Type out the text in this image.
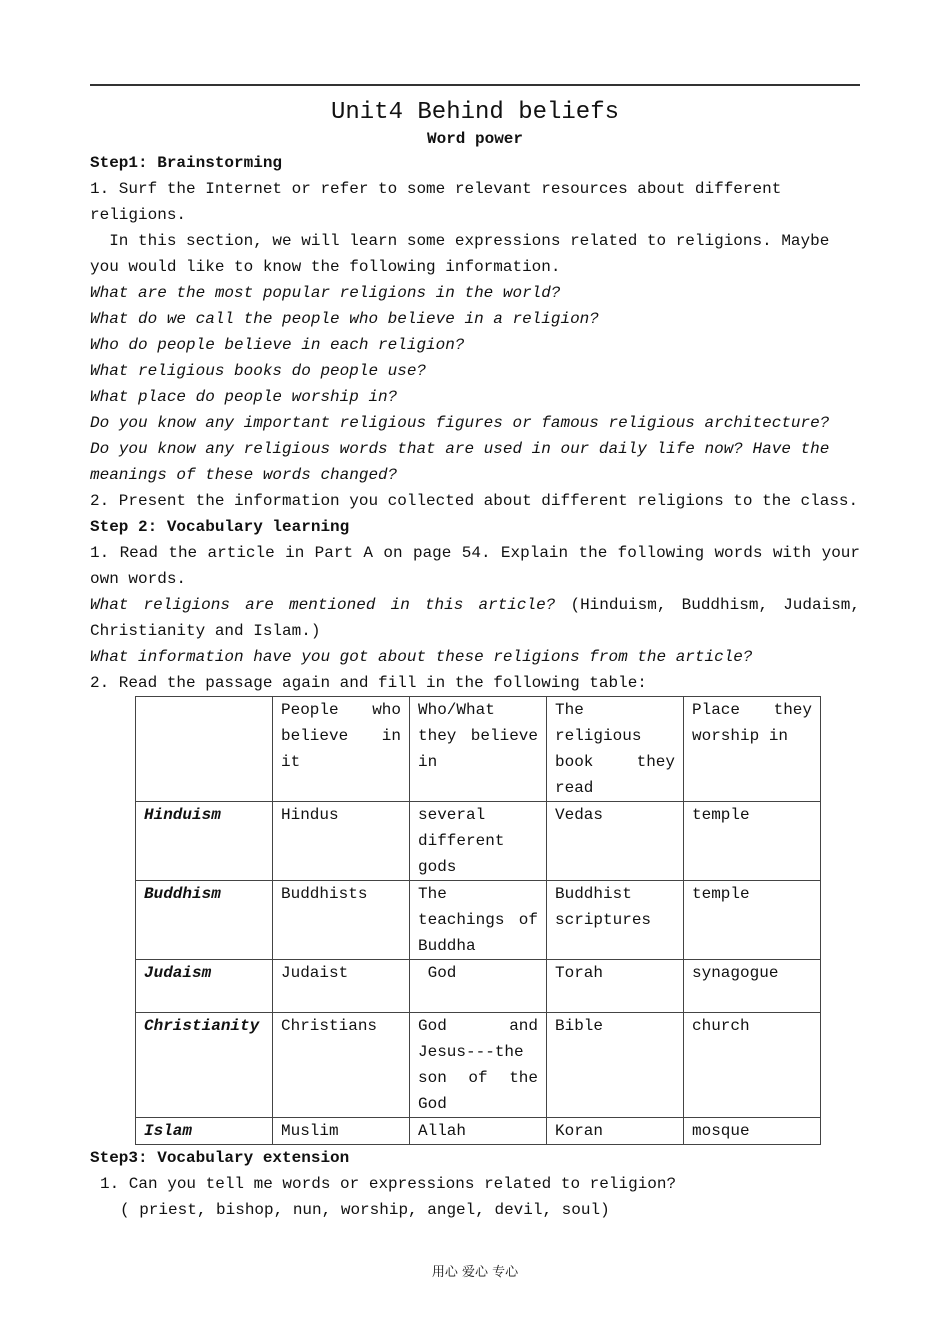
Unit4 Behind beliefs
Word power

Step1: Brainstorming

1. Surf the Internet or refer to some relevant resources about different religions.

In this section, we will learn some expressions related to religions. Maybe you would like to know the following information.

What are the most popular religions in the world?

What do we call the people who believe in a religion?

Who do people believe in each religion?

What religious books do people use?

What place do people worship in?

Do you know any important religious figures or famous religious architecture?

Do you know any religious words that are used in our daily life now? Have the meanings of these words changed?

2. Present the information you collected about different religions to the class.

Step 2: Vocabulary learning

1. Read the article in Part A on page 54. Explain the following words with your own words.

What religions are mentioned in this article? (Hinduism, Buddhism, Judaism, Christianity and Islam.)

What information have you got about these religions from the article?

2. Read the passage again and fill in the following table:

	People who believe in it	Who/What they believe in	The religious book they read	Place they worship in
Hinduism	Hindus	several different gods	Vedas	temple
Buddhism	Buddhists	The teachings of Buddha	Buddhist scriptures	temple
Judaism	Judaist	God	Torah	synagogue
Christianity	Christians	God and Jesus---the son of the God	Bible	church
Islam	Muslim	Allah	Koran	mosque

Step3: Vocabulary extension

1. Can you tell me words or expressions related to religion?

( priest, bishop, nun, worship, angel, devil, soul)

用心 爱心 专心
